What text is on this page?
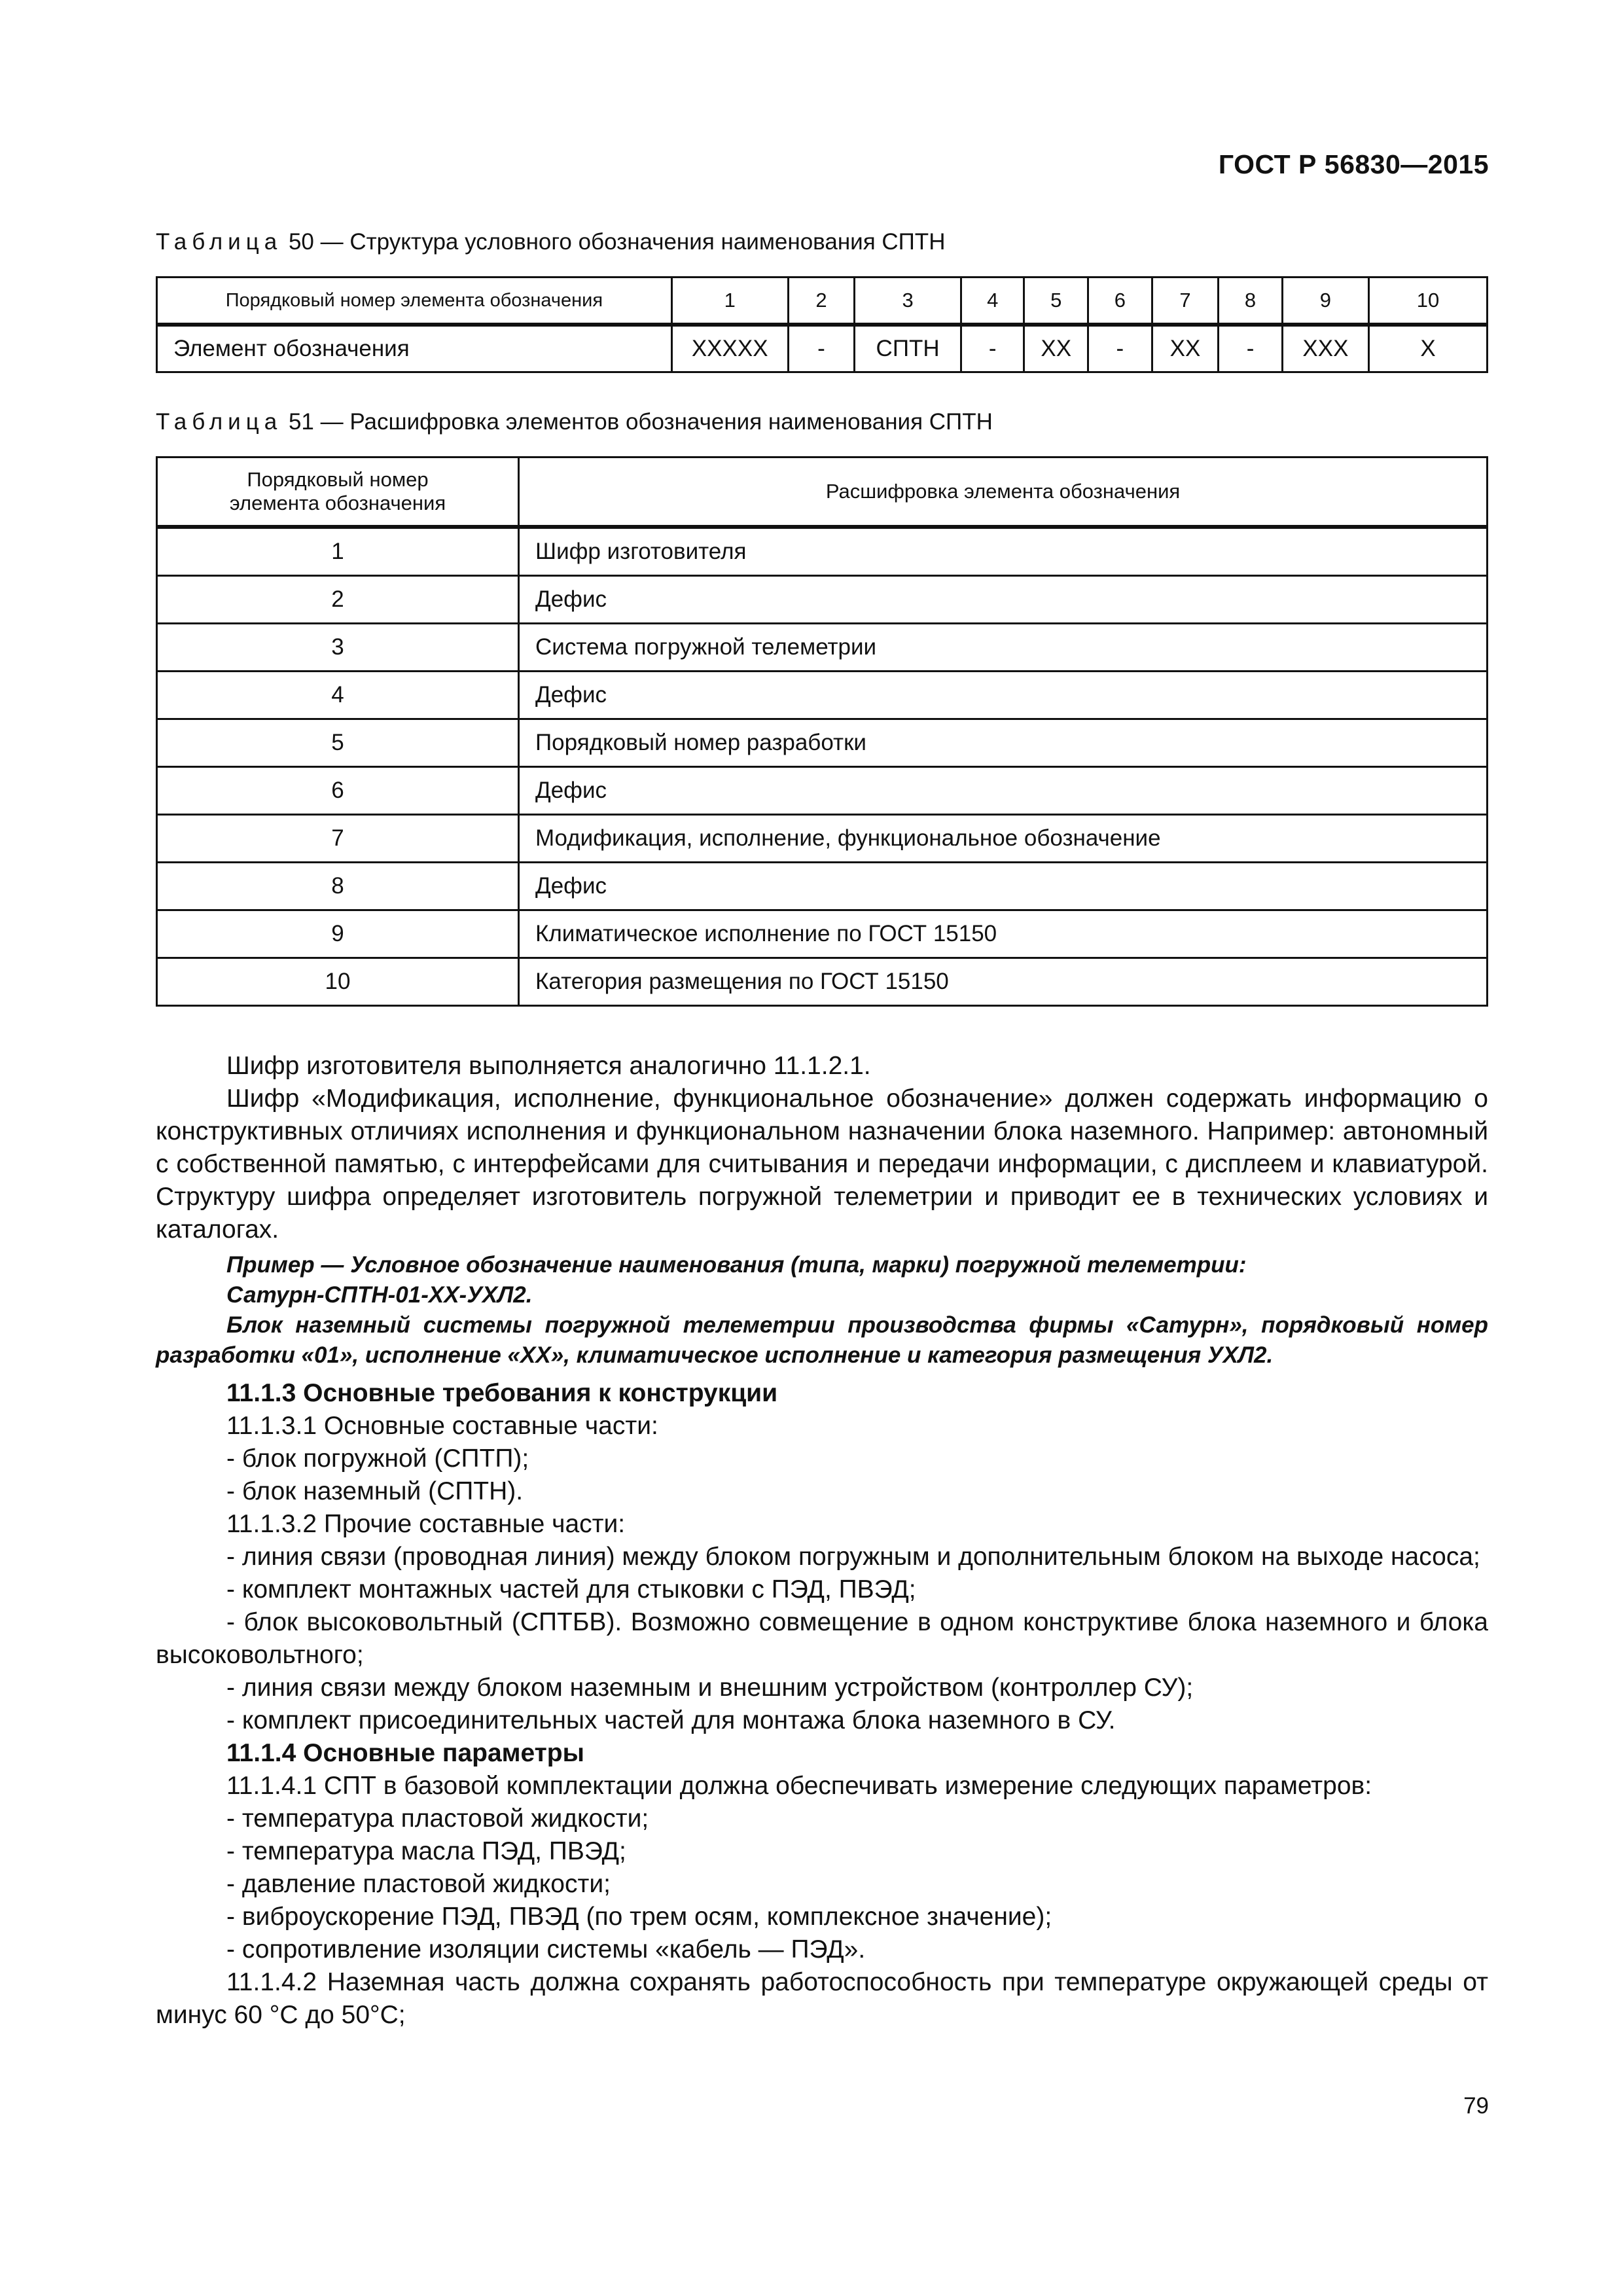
ГОСТ Р 56830—2015
Таблица 50 — Структура условного обозначения наименования СПТН
Порядковый номер элемента обозначения	1	2	3	4	5	6	7	8	9	10
Элемент обозначения	XXXXX	-	СПТН	-	XX	-	XX	-	XXX	X
Таблица 51 — Расшифровка элементов обозначения наименования СПТН
Порядковый номер
элемента обозначения	Расшифровка элемента обозначения
1	Шифр изготовителя
2	Дефис
3	Система погружной телеметрии
4	Дефис
5	Порядковый номер разработки
6	Дефис
7	Модификация, исполнение, функциональное обозначение
8	Дефис
9	Климатическое исполнение по ГОСТ 15150
10	Категория размещения по ГОСТ 15150

Шифр изготовителя выполняется аналогично 11.1.2.1.

Шифр «Модификация, исполнение, функциональное обозначение» должен содержать информацию о конструктивных отличиях исполнения и функциональном назначении блока наземного. Например: автономный с собственной памятью, с интерфейсами для считывания и передачи информации, с дисплеем и клавиатурой. Структуру шифра определяет изготовитель погружной телеметрии и приводит ее в технических условиях и каталогах.

Пример — Условное обозначение наименования (типа, марки) погружной телеметрии:

Сатурн-СПТН-01-XX-УХЛ2.

Блок наземный системы погружной телеметрии производства фирмы «Сатурн», порядковый номер разработки «01», исполнение «XX», климатическое исполнение и категория размещения УХЛ2.

11.1.3 Основные требования к конструкции

11.1.3.1 Основные составные части:

- блок погружной (СПТП);

- блок наземный (СПТН).

11.1.3.2 Прочие составные части:

- линия связи (проводная линия) между блоком погружным и дополнительным блоком на выходе насоса;

- комплект монтажных частей для стыковки с ПЭД, ПВЭД;

- блок высоковольтный (СПТБВ). Возможно совмещение в одном конструктиве блока наземного и блока высоковольтного;

- линия связи между блоком наземным и внешним устройством (контроллер СУ);

- комплект присоединительных частей для монтажа блока наземного в СУ.

11.1.4 Основные параметры

11.1.4.1 СПТ в базовой комплектации должна обеспечивать измерение следующих параметров:

- температура пластовой жидкости;

- температура масла ПЭД, ПВЭД;

- давление пластовой жидкости;

- виброускорение ПЭД, ПВЭД (по трем осям, комплексное значение);

- сопротивление изоляции системы «кабель — ПЭД».

11.1.4.2 Наземная часть должна сохранять работоспособность при температуре окружающей среды от минус 60 °С до 50°С;

79
